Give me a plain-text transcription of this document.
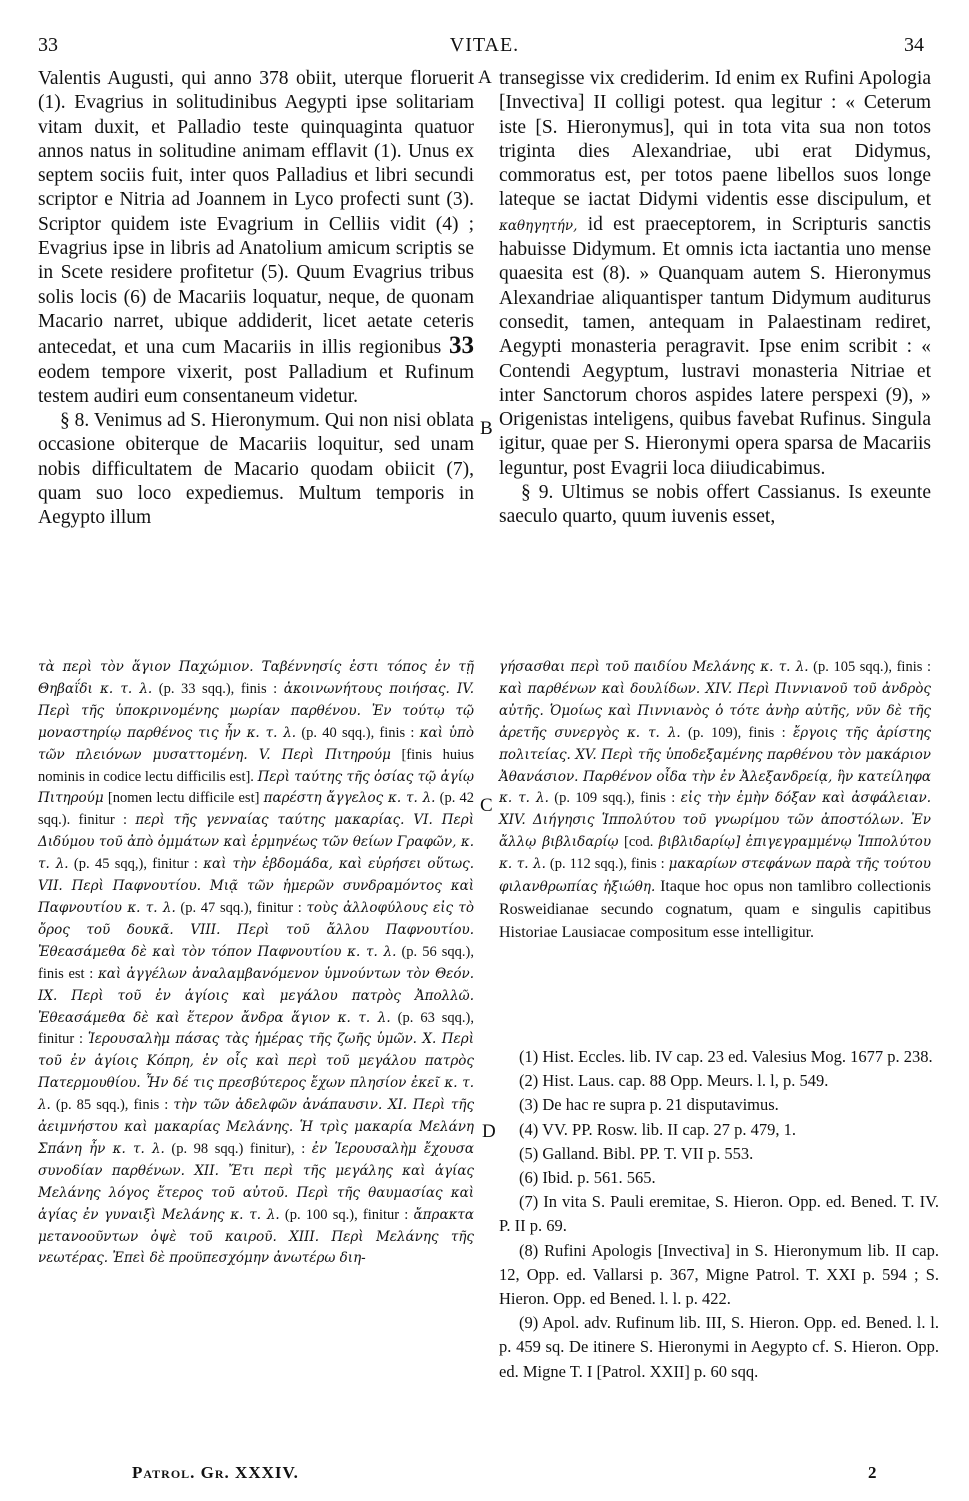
33	VITAE.	34

Valentis Augusti, qui anno 378 obiit, uterque floruerit (1). Evagrius in solitudinibus Aegypti ipse solitariam vitam duxit, et Palladio teste quinquaginta quatuor annos natus in solitudine animam efflavit (1). Unus ex septem sociis fuit, inter quos Palladius et libri secundi scriptor e Nitria ad Joannem in Lyco profecti sunt (3). Scriptor quidem iste Evagrium in Celliis vidit (4) ; Evagrius ipse in libris ad Anatolium amicum scriptis se in Scete residere profitetur (5). Quum Evagrius tribus solis locis (6) de Macariis loquatur, neque, de quonam Macario narret, ubique addiderit, licet aetate ceteris antecedat, et una cum Macariis in illis regionibus 33 eodem tempore vixerit, post Palladium et Rufinum testem audiri eum consentaneum videtur.

§ 8. Venimus ad S. Hieronymum. Qui non nisi oblata occasione obiterque de Macariis loquitur, sed unam nobis difficultatem de Macario quodam obiicit (7), quam suo loco expediemus. Multum temporis in Aegypto illum

transegisse vix crediderim. Id enim ex Rufini Apologia [Invectiva] II colligi potest. qua legitur : « Ceterum iste [S. Hieronymus], qui in tota vita sua non totos triginta dies Alexandriae, ubi erat Didymus, commoratus est, per totos paene libellos suos longe lateque se iactat Didymi videntis esse discipulum, et καθηγητήν, id est praeceptorem, in Scripturis sanctis habuisse Didymum. Et omnis icta iactantia uno mense quaesita est (8). » Quanquam autem S. Hieronymus Alexandriae aliquantisper tantum Didymum auditurus consedit, tamen, antequam in Palaestinam rediret, Aegypti monasteria peragravit. Ipse enim scribit : « Contendi Aegyptum, lustravi monasteria Nitriae et inter Sanctorum choros aspides latere perspexi (9), » Origenistas inteligens, quibus favebat Rufinus. Singula igitur, quae per S. Hieronymi opera sparsa de Macariis leguntur, post Evagrii loca diiudicabimus.

§ 9. Ultimus se nobis offert Cassianus. Is exeunte saeculo quarto, quum iuvenis esset,

A
B
C
D
τὰ περὶ τὸν ἅγιον Παχώμιον. Ταβέννησίς ἐστι τόπος ἐν τῇ Θηβαΐδι κ. τ. λ. (p. 33 sqq.), finis : ἀκοινωνήτους ποιήσας. IV. Περὶ τῆς ὑποκρινομένης μωρίαν παρθένου. Ἐν τούτῳ τῷ μοναστηρίῳ παρθένος τις ἦν κ. τ. λ. (p. 40 sqq.), finis : καὶ ὑπὸ τῶν πλειόνων μυσαττομένη. V. Περὶ Πιτηρούμ [finis huius nominis in codice lectu difficilis est]. Περὶ ταύτης τῆς ὁσίας τῷ ἁγίῳ Πιτηρούμ [nomen lectu difficile est] παρέστη ἄγγελος κ. τ. λ. (p. 42 sqq.). finitur : περὶ τῆς γενναίας ταύτης μακαρίας. VI. Περὶ Διδύμου τοῦ ἀπὸ ὀμμάτων καὶ ἑρμηνέως τῶν θείων Γραφῶν, κ. τ. λ. (p. 45 sqq,), finitur : καὶ τὴν ἑβδομάδα, καὶ εὑρήσει οὕτως. VII. Περὶ Παφνουτίου. Μιᾷ τῶν ἡμερῶν συνδραμόντος καὶ Παφνουτίου κ. τ. λ. (p. 47 sqq.), finitur : τοὺς ἀλλοφύλους εἰς τὸ ὄρος τοῦ δουκᾶ. VIII. Περὶ τοῦ ἄλλου Παφνουτίου. Ἐθεασάμεθα δὲ καὶ τὸν τόπον Παφνουτίου κ. τ. λ. (p. 56 sqq.), finis est : καὶ ἀγγέλων ἀναλαμβανόμενον ὑμνούντων τὸν Θεόν. IX. Περὶ τοῦ ἐν ἁγίοις καὶ μεγάλου πατρὸς Ἀπολλῶ. Ἐθεασάμεθα δὲ καὶ ἕτερον ἄνδρα ἅγιον κ. τ. λ. (p. 63 sqq.), finitur : Ἱερουσαλὴμ πάσας τὰς ἡμέρας τῆς ζωῆς ὑμῶν. X. Περὶ τοῦ ἐν ἁγίοις Κόπρη, ἐν οἷς καὶ περὶ τοῦ μεγάλου πατρὸς Πατερμουθίου. Ἦν δέ τις πρεσβύτερος ἔχων πλησίον ἐκεῖ κ. τ. λ. (p. 85 sqq.), finis : τὴν τῶν ἀδελφῶν ἀνάπαυσιν. XI. Περὶ τῆς ἀειμνήστου καὶ μακαρίας Μελάνης. Ἡ τρὶς μακαρία Μελάνη Σπάνη ἦν κ. τ. λ. (p. 98 sqq.) finitur), : ἐν Ἱερουσαλὴμ ἔχουσα συνοδίαν παρθένων. XII. Ἔτι περὶ τῆς μεγάλης καὶ ἁγίας Μελάνης λόγος ἕτερος τοῦ αὐτοῦ. Περὶ τῆς θαυμασίας καὶ ἁγίας ἐν γυναιξὶ Μελάνης κ. τ. λ. (p. 100 sq.), finitur : ἄπρακτα μετανοοῦντων ὀψὲ τοῦ καιροῦ. XIII. Περὶ Μελάνης τῆς νεωτέρας. Ἐπεὶ δὲ προϋπεσχόμην ἀνωτέρω διη-
γήσασθαι περὶ τοῦ παιδίου Μελάνης κ. τ. λ. (p. 105 sqq.), finis : καὶ παρθένων καὶ δουλίδων. XIV. Περὶ Πιννιανοῦ τοῦ ἀνδρὸς αὐτῆς. Ὁμοίως καὶ Πιννιανὸς ὁ τότε ἀνὴρ αὐτῆς, νῦν δὲ τῆς ἀρετῆς συνεργὸς κ. τ. λ. (p. 109), finis : ἔργοις τῆς ἀρίστης πολιτείας. XV. Περὶ τῆς ὑποδεξαμένης παρθένου τὸν μακάριον Ἀθανάσιον. Παρθένον οἶδα τὴν ἐν Ἀλεξανδρείᾳ, ἣν κατείληφα κ. τ. λ. (p. 109 sqq.), finis : εἰς τὴν ἐμὴν δόξαν καὶ ἀσφάλειαν. XIV. Διήγησις Ἱππολύτου τοῦ γνωρίμου τῶν ἀποστόλων. Ἐν ἄλλῳ βιβλιδαρίῳ [cod. βιβλιδαρίῳ] ἐπιγεγραμμένῳ Ἱππολύτου κ. τ. λ. (p. 112 sqq.), finis : μακαρίων στεφάνων παρὰ τῆς τούτου φιλανθρωπίας ἠξιώθη. Itaque hoc opus non tamlibro collectionis Rosweidianae secundo cognatum, quam e singulis capitibus Historiae Lausiacae compositum esse intelligitur.

(1) Hist. Eccles. lib. IV cap. 23 ed. Valesius Mog. 1677 p. 238.

(2) Hist. Laus. cap. 88 Opp. Meurs. l. l, p. 549.

(3) De hac re supra p. 21 disputavimus.

(4) VV. PP. Rosw. lib. II cap. 27 p. 479, 1.

(5) Galland. Bibl. PP. T. VII p. 553.

(6) Ibid. p. 561. 565.

(7) In vita S. Pauli eremitae, S. Hieron. Opp. ed. Bened. T. IV. P. II p. 69.

(8) Rufini Apologis [Invectiva] in S. Hieronymum lib. II cap. 12, Opp. ed. Vallarsi p. 367, Migne Patrol. T. XXI p. 594 ; S. Hieron. Opp. ed Bened. l. l. p. 422.

(9) Apol. adv. Rufinum lib. III, S. Hieron. Opp. ed. Bened. l. l. p. 459 sq. De itinere S. Hieronymi in Aegypto cf. S. Hieron. Opp. ed. Migne T. I [Patrol. XXII] p. 60 sqq.

Patrol. Gr. XXXIV.	2
